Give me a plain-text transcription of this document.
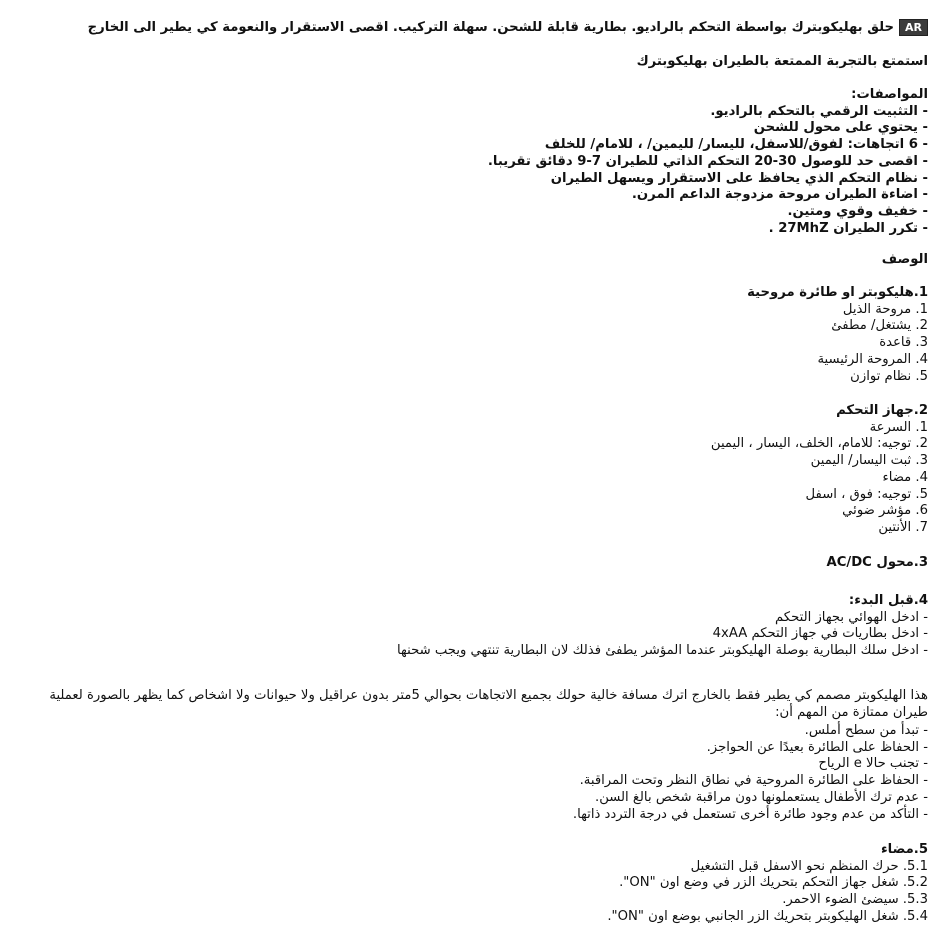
AR
حلق بهليكوبترك بواسطة التحكم بالراديو. بطارية قابلة للشحن. سهلة التركيب. اقصى الاستقرار والنعومة كي يطير الى الخارج
استمتع بالتجربة الممتعة بالطيران بهليكوبترك
المواصفات:
- التثبيت الرقمي بالتحكم بالراديو.
- يحتوي على محول للشحن
- 6 اتجاهات: لفوق/للاسفل، لليسار/ لليمين/ ، للامام/ للخلف
- اقصى حد للوصول 30-20 التحكم الذاتي للطيران 7-9 دقائق تقريبا.
- نظام التحكم الذي يحافظ على الاستقرار ويسهل الطيران
- اضاءة الطيران مروحة مزدوجة الداعم المرن.
- خفيف وقوي ومتين.
- تكرر الطيران 27MhZ .
الوصف
1.هليكوبتر او طائرة مروحية
1. مروحة الذيل
2. يشتغل/ مطفئ
3. قاعدة
4. المروحة الرئيسية
5. نظام توازن
2.جهاز التحكم
1. السرعة
2. توجيه: للامام، الخلف، اليسار ، اليمين
3. ثبت اليسار/ اليمين
4. مضاء
5. توجيه: فوق ، اسفل
6. مؤشر ضوئي
7. الأنتين
3.محول AC/DC
4.قبل البدء:
- ادخل الهوائي بجهاز التحكم
- ادخل بطاريات في جهاز التحكم 4xAA
- ادخل سلك البطارية بوصلة الهليكوبتر عندما المؤشر يطفئ فذلك لان البطارية تنتهي ويجب شحنها
هذا الهليكوبتر مصمم كي يطير فقط بالخارج اترك مسافة خالية حولك بجميع الاتجاهات بحوالي 5متر بدون عراقيل ولا حيوانات ولا اشخاص كما يظهر بالصورة لعملية طيران ممتازة من المهم أن:
- تبدأ من سطح أملس.
- الحفاظ على الطائرة بعيدًا عن الحواجز.
- تجنب حالا e الرياح
- الحفاظ على الطائرة المروحية في نطاق النظر وتحت المراقبة.
- عدم ترك الأطفال يستعملونها دون مراقبة شخص بالغ السن.
- التأكد من عدم وجود طائرة أخرى تستعمل في درجة التردد ذاتها.
5.مضاء
5.1. حرك المنظم نحو الاسفل قبل التشغيل
5.2. شغل جهاز التحكم بتحريك الزر في وضع اون "ON".
5.3. سيضئ الضوء الاحمر.
5.4. شغل الهليكوبتر بتحريك الزر الجانبي بوضع اون "ON".
